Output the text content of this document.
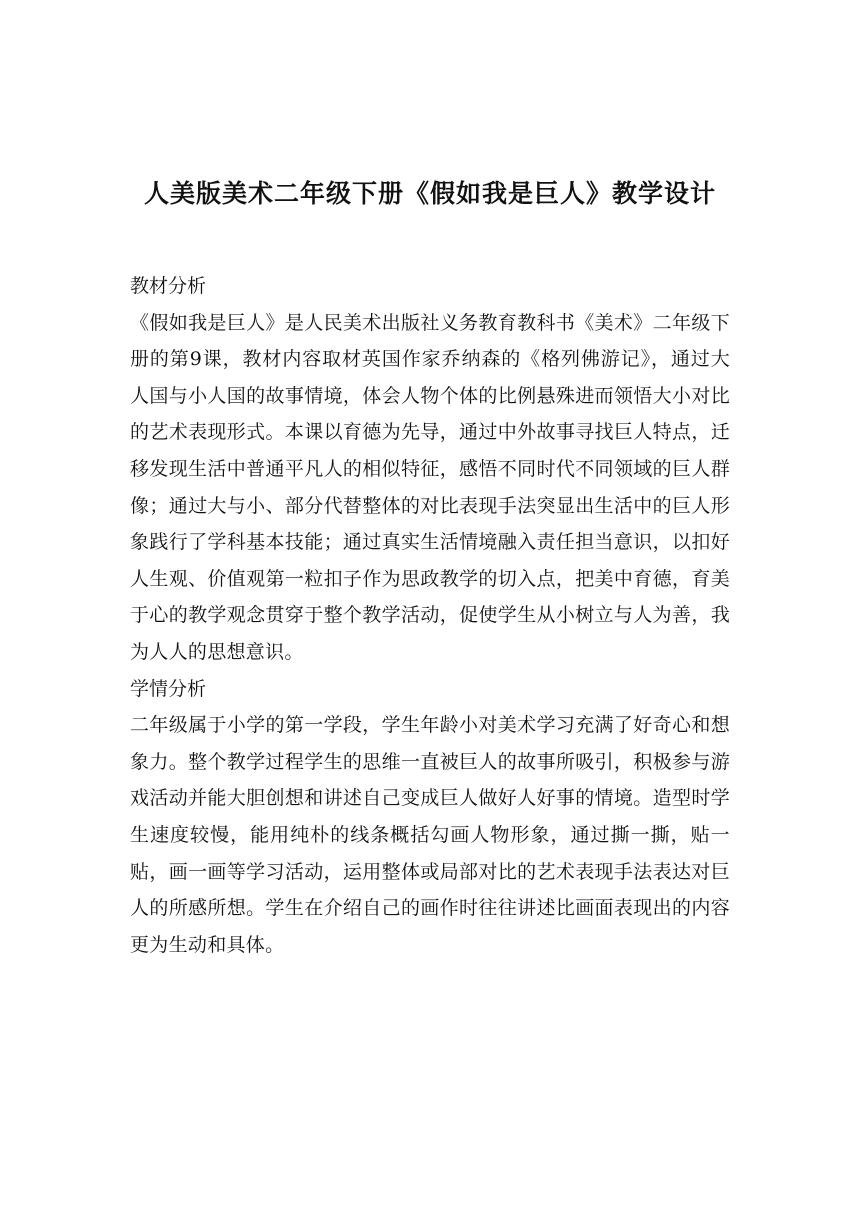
人美版美术二年级下册《假如我是巨人》教学设计
教材分析

《假如我是巨人》是人民美术出版社义务教育教科书《美术》二年级下册的第9课，教材内容取材英国作家乔纳森的《格列佛游记》，通过大人国与小人国的故事情境，体会人物个体的比例悬殊进而领悟大小对比的艺术表现形式。本课以育德为先导，通过中外故事寻找巨人特点，迁移发现生活中普通平凡人的相似特征，感悟不同时代不同领域的巨人群像；通过大与小、部分代替整体的对比表现手法突显出生活中的巨人形象践行了学科基本技能；通过真实生活情境融入责任担当意识，以扣好人生观、价值观第一粒扣子作为思政教学的切入点，把美中育德，育美于心的教学观念贯穿于整个教学活动，促使学生从小树立与人为善，我为人人的思想意识。

学情分析

二年级属于小学的第一学段，学生年龄小对美术学习充满了好奇心和想象力。整个教学过程学生的思维一直被巨人的故事所吸引，积极参与游戏活动并能大胆创想和讲述自己变成巨人做好人好事的情境。造型时学生速度较慢，能用纯朴的线条概括勾画人物形象，通过撕一撕，贴一贴，画一画等学习活动，运用整体或局部对比的艺术表现手法表达对巨人的所感所想。学生在介绍自己的画作时往往讲述比画面表现出的内容更为生动和具体。
